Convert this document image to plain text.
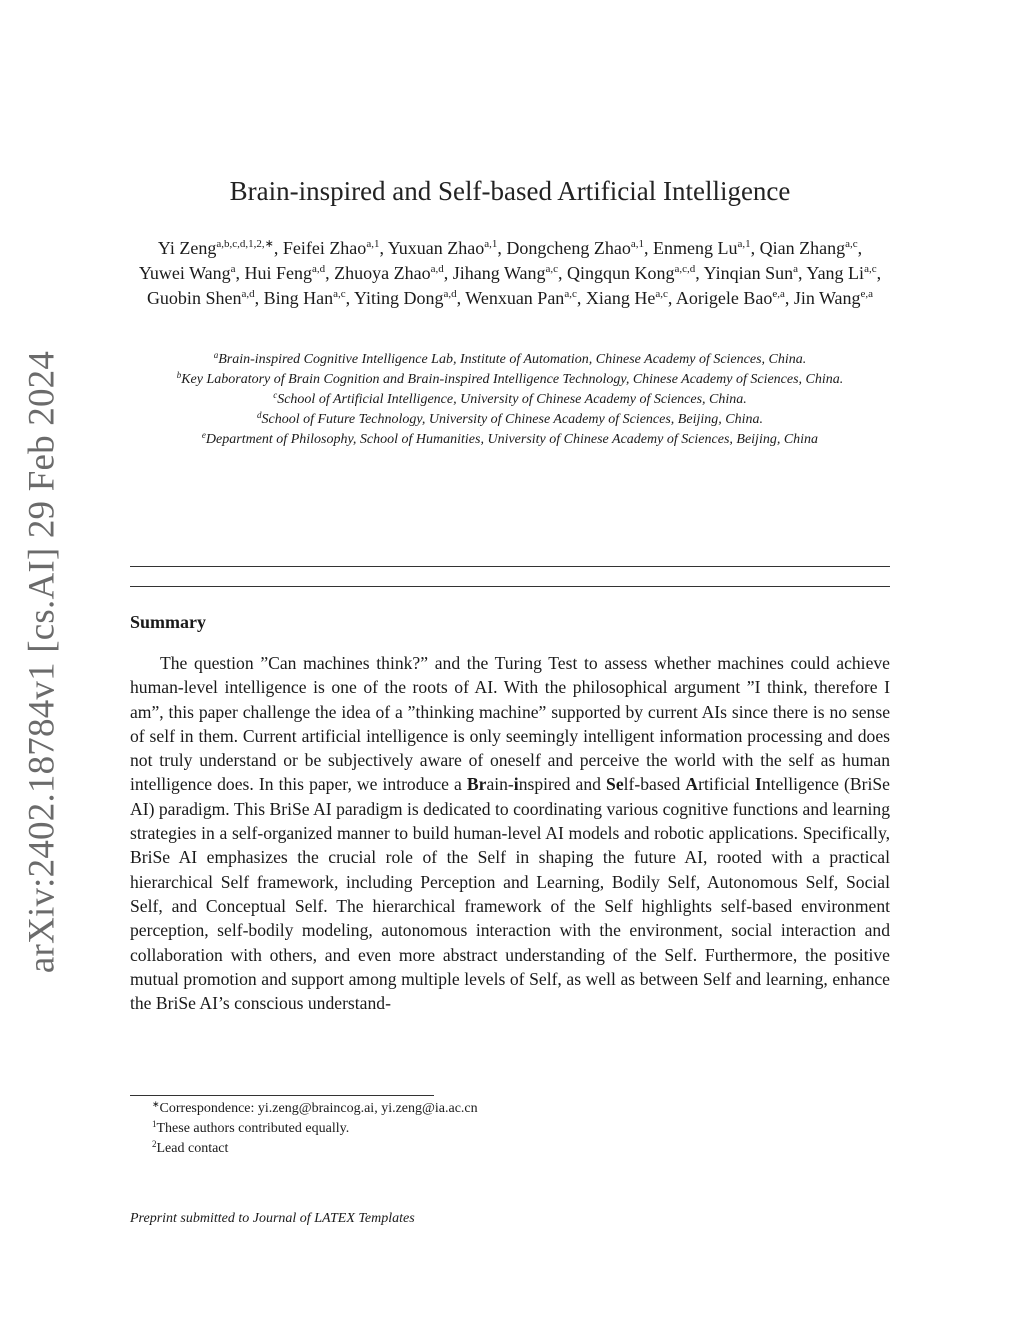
arXiv:2402.18784v1 [cs.AI] 29 Feb 2024
Brain-inspired and Self-based Artificial Intelligence
Yi Zeng$^{a,b,c,d,1,2,∗}$, Feifei Zhao$^{a,1}$, Yuxuan Zhao$^{a,1}$, Dongcheng Zhao$^{a,1}$, Enmeng Lu$^{a,1}$, Qian Zhang$^{a,c}$, Yuwei Wang$^a$, Hui Feng$^{a,d}$, Zhuoya Zhao$^{a,d}$, Jihang Wang$^{a,c}$, Qingqun Kong$^{a,c,d}$, Yinqian Sun$^a$, Yang Li$^{a,c}$, Guobin Shen$^{a,d}$, Bing Han$^{a,c}$, Yiting Dong$^{a,d}$, Wenxuan Pan$^{a,c}$, Xiang He$^{a,c}$, Aorigele Bao$^{e,a}$, Jin Wang$^{e,a}$
$^a$Brain-inspired Cognitive Intelligence Lab, Institute of Automation, Chinese Academy of Sciences, China.
$^b$Key Laboratory of Brain Cognition and Brain-inspired Intelligence Technology, Chinese Academy of Sciences, China.
$^c$School of Artificial Intelligence, University of Chinese Academy of Sciences, China.
$^d$School of Future Technology, University of Chinese Academy of Sciences, Beijing, China.
$^e$Department of Philosophy, School of Humanities, University of Chinese Academy of Sciences, Beijing, China
Summary

The question ”Can machines think?” and the Turing Test to assess whether machines could achieve human-level intelligence is one of the roots of AI. With the philosophical argument ”I think, therefore I am”, this paper challenge the idea of a ”thinking machine” supported by current AIs since there is no sense of self in them. Current artificial intelligence is only seemingly intelligent information processing and does not truly understand or be subjectively aware of oneself and perceive the world with the self as human intelligence does. In this paper, we introduce a Brain-inspired and Self-based Artificial Intelligence (BriSe AI) paradigm. This BriSe AI paradigm is dedicated to coordinating various cognitive functions and learning strategies in a self-organized manner to build human-level AI models and robotic applications. Specifically, BriSe AI emphasizes the crucial role of the Self in shaping the future AI, rooted with a practical hierarchical Self framework, including Perception and Learning, Bodily Self, Autonomous Self, Social Self, and Conceptual Self. The hierarchical framework of the Self highlights self-based environment perception, self-bodily modeling, autonomous interaction with the environment, social interaction and collaboration with others, and even more abstract understanding of the Self. Furthermore, the positive mutual promotion and support among multiple levels of Self, as well as between Self and learning, enhance the BriSe AI’s conscious understand-

∗Correspondence: yi.zeng@braincog.ai, yi.zeng@ia.ac.cn
$^1$These authors contributed equally.
$^2$Lead contact
Preprint submitted to Journal of LATEX Templates
